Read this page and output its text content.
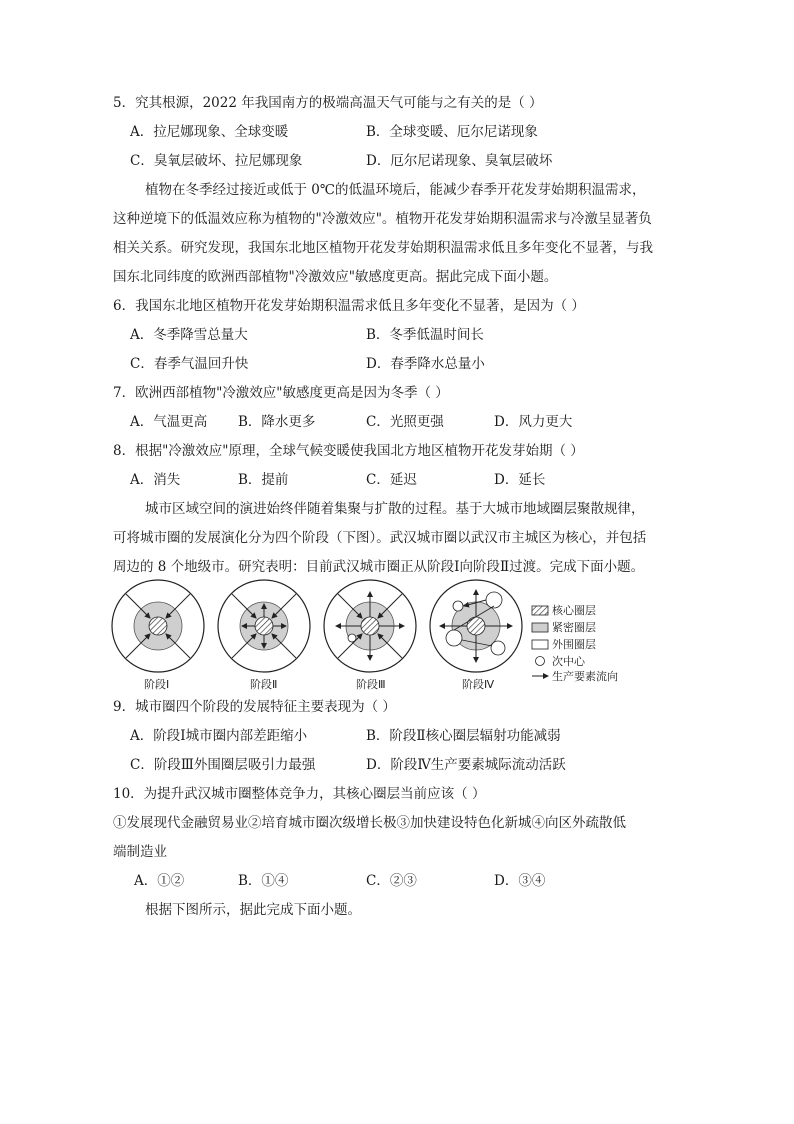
5．究其根源，2022 年我国南方的极端高温天气可能与之有关的是（ ）
A．拉尼娜现象、全球变暖	B．全球变暖、厄尔尼诺现象
C．臭氧层破坏、拉尼娜现象	D．厄尔尼诺现象、臭氧层破坏
植物在冬季经过接近或低于 0℃的低温环境后，能减少春季开花发芽始期积温需求，
这种逆境下的低温效应称为植物的"冷激效应"。植物开花发芽始期积温需求与冷激呈显著负
相关关系。研究发现，我国东北地区植物开花发芽始期积温需求低且多年变化不显著，与我
国东北同纬度的欧洲西部植物"冷激效应"敏感度更高。据此完成下面小题。
6．我国东北地区植物开花发芽始期积温需求低且多年变化不显著，是因为（ ）
A．冬季降雪总量大	B．冬季低温时间长
C．春季气温回升快	D．春季降水总量小
7．欧洲西部植物"冷激效应"敏感度更高是因为冬季（ ）
A．气温更高 B．降水更多	C．光照更强	D．风力更大
8．根据"冷激效应"原理，全球气候变暖使我国北方地区植物开花发芽始期（ ）
A．消失	B．提前	C．延迟	D．延长
城市区域空间的演进始终伴随着集聚与扩散的过程。基于大城市地域圈层聚散规律，
可将城市圈的发展演化分为四个阶段（下图）。武汉城市圈以武汉市主城区为核心，并包括
周边的 8 个地级市。研究表明：目前武汉城市圈正从阶段Ⅰ向阶段Ⅱ过渡。完成下面小题。
阶段Ⅰ	阶段Ⅱ	阶段Ⅲ	阶段Ⅳ
核心圈层
紧密圈层
外围圈层
次中心
生产要素流向
9．城市圈四个阶段的发展特征主要表现为（ ）
A．阶段Ⅰ城市圈内部差距缩小	B．阶段Ⅱ核心圈层辐射功能减弱
C．阶段Ⅲ外围圈层吸引力最强	D．阶段Ⅳ生产要素城际流动活跃
10．为提升武汉城市圈整体竞争力，其核心圈层当前应该（ ）
①发展现代金融贸易业②培育城市圈次级增长极③加快建设特色化新城④向区外疏散低
端制造业
A．①②	B．①④	C．②③	D．③④
根据下图所示，据此完成下面小题。
